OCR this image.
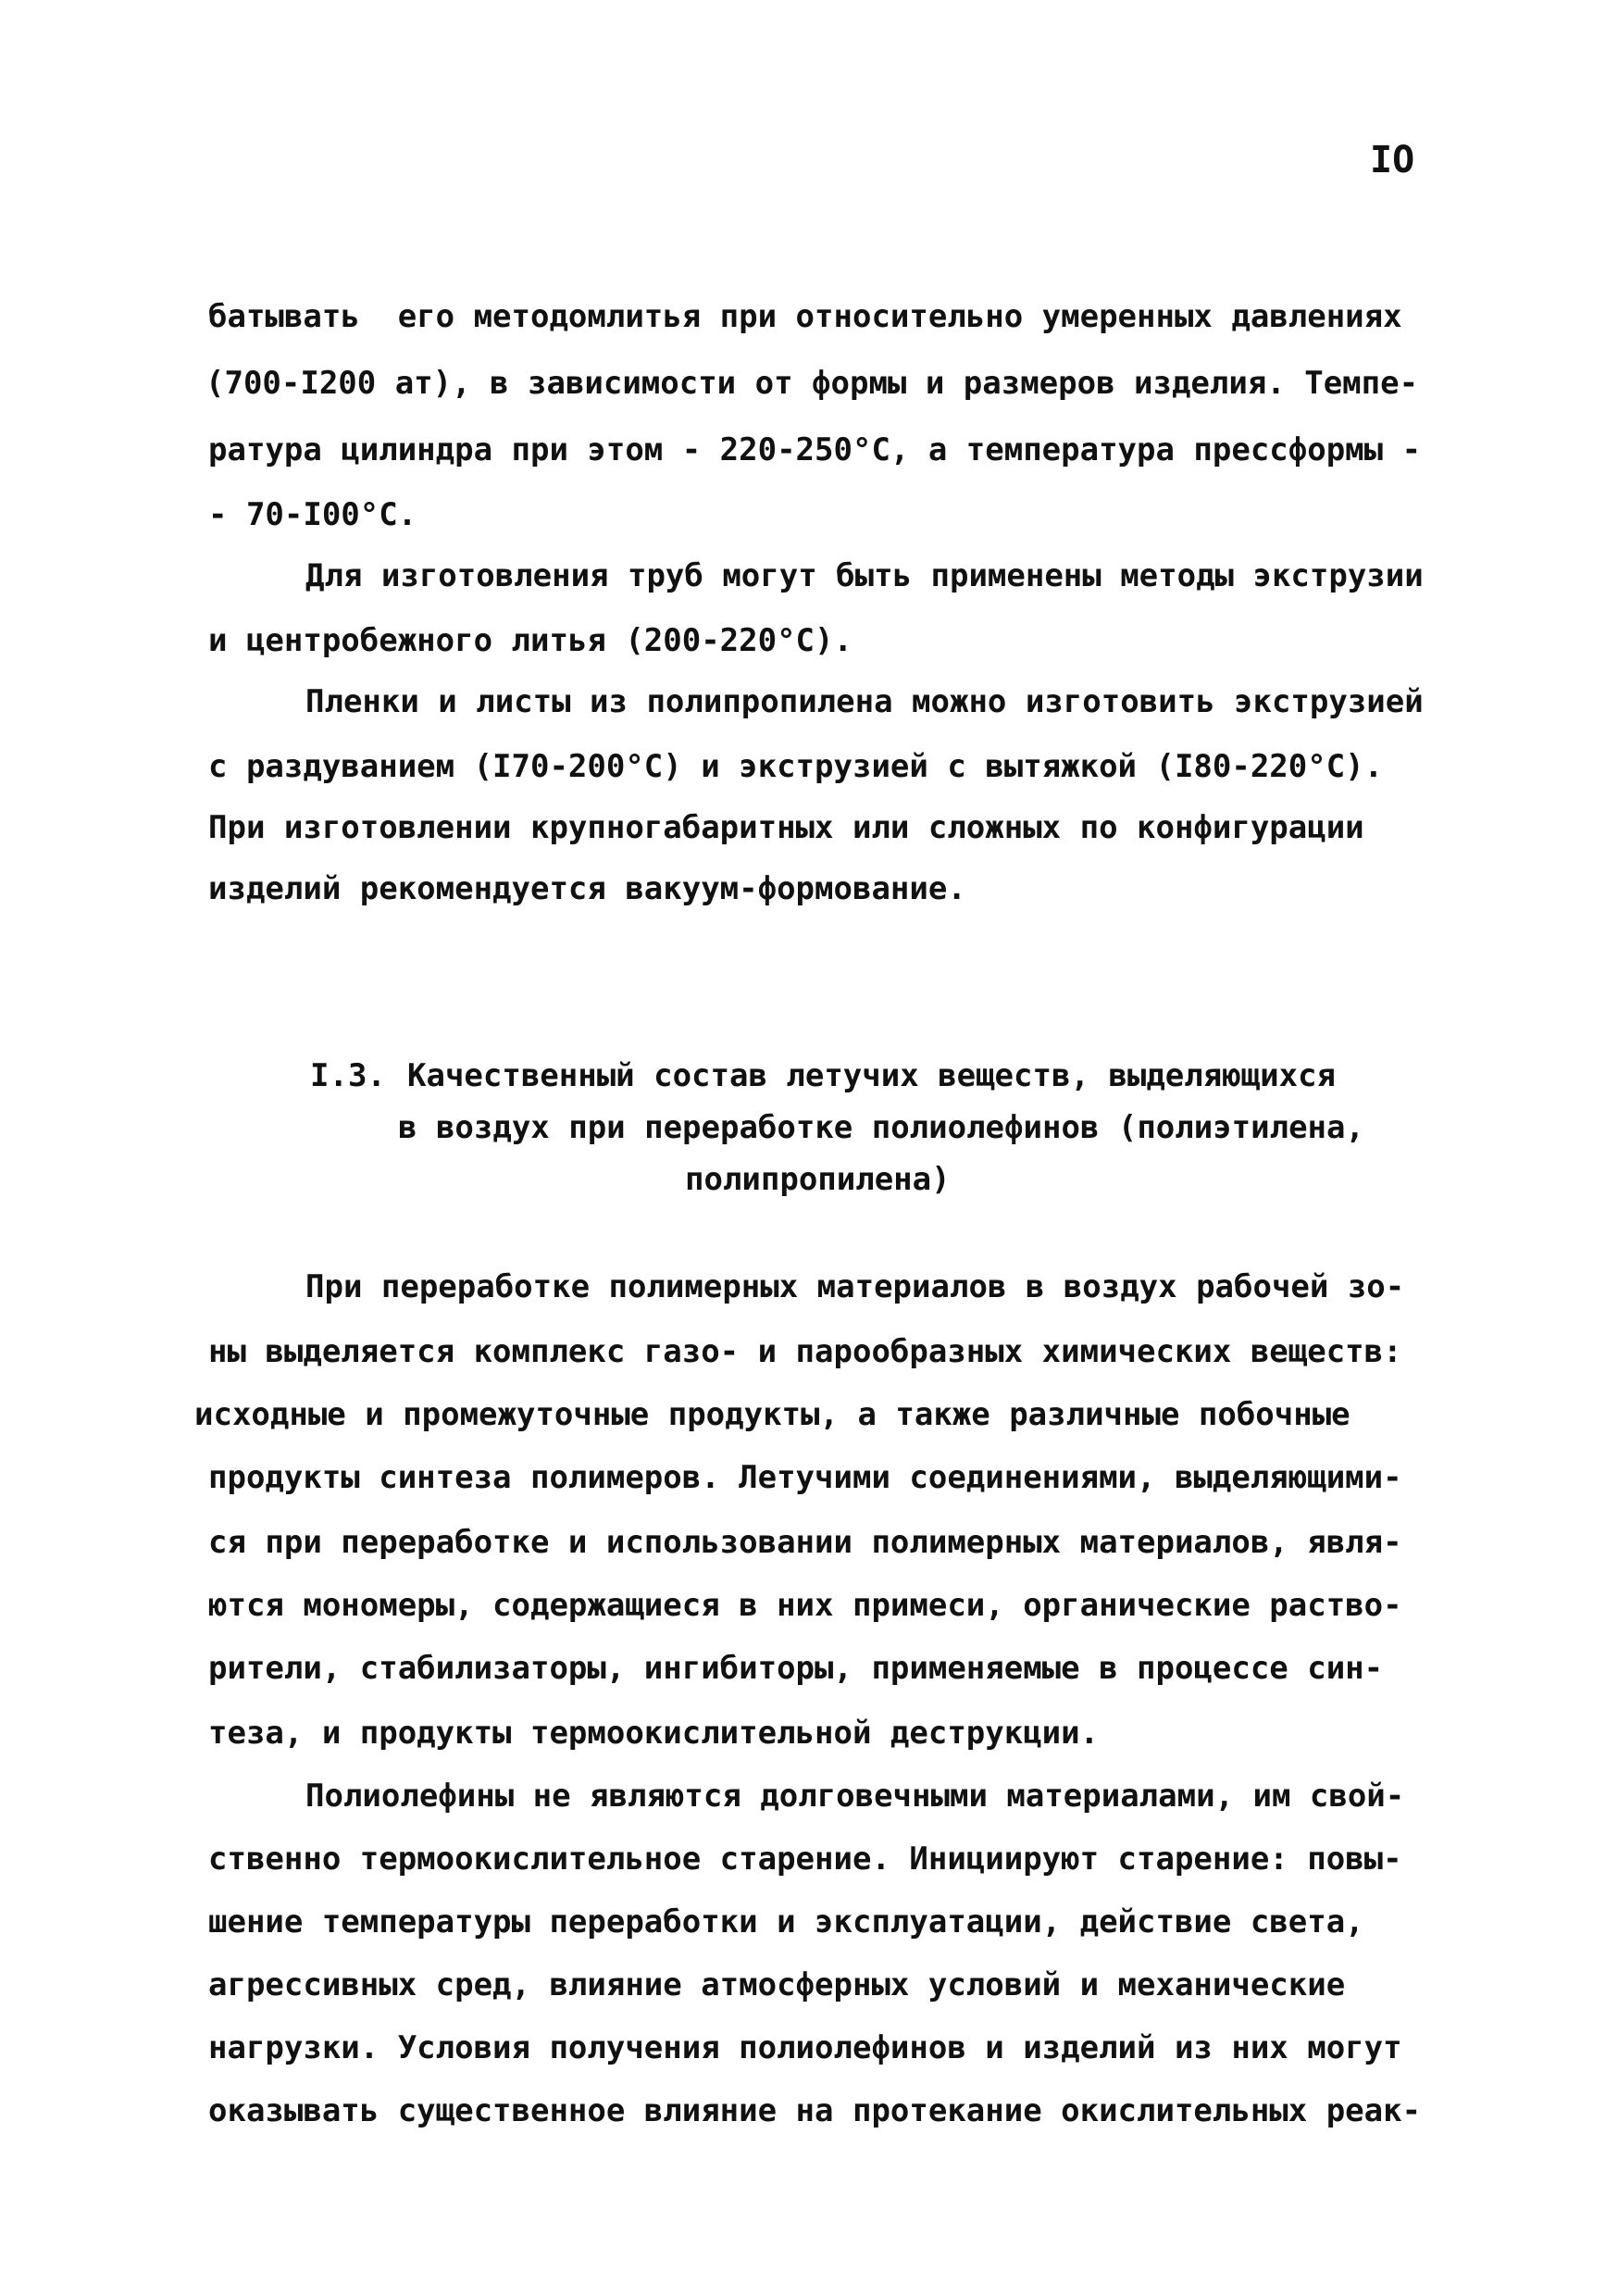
IO
батывать  его методомлитья при относительно умеренных давлениях
(700-I200 ат), в зависимости от формы и размеров изделия. Темпе-
ратура цилиндра при этом - 220-250°С, а температура прессформы -
- 70-I00°С.
Для изготовления труб могут быть применены методы экструзии
и центробежного литья (200-220°С).
Пленки и листы из полипропилена можно изготовить экструзией
с раздуванием (I70-200°С) и экструзией с вытяжкой (I80-220°С).
При изготовлении крупногабаритных или сложных по конфигурации
изделий рекомендуется вакуум-формование.
I.3. Качественный состав летучих веществ, выделяющихся
в воздух при переработке полиолефинов (полиэтилена,
полипропилена)
При переработке полимерных материалов в воздух рабочей зо-
ны выделяется комплекс газо- и парообразных химических веществ:
исходные и промежуточные продукты, а также различные побочные
продукты синтеза полимеров. Летучими соединениями, выделяющими-
ся при переработке и использовании полимерных материалов, явля-
ются мономеры, содержащиеся в них примеси, органические раство-
рители, стабилизаторы, ингибиторы, применяемые в процессе син-
теза, и продукты термоокислительной деструкции.
Полиолефины не являются долговечными материалами, им свой-
ственно термоокислительное старение. Инициируют старение: повы-
шение температуры переработки и эксплуатации, действие света,
агрессивных сред, влияние атмосферных условий и механические
нагрузки. Условия получения полиолефинов и изделий из них могут
оказывать существенное влияние на протекание окислительных реак-
